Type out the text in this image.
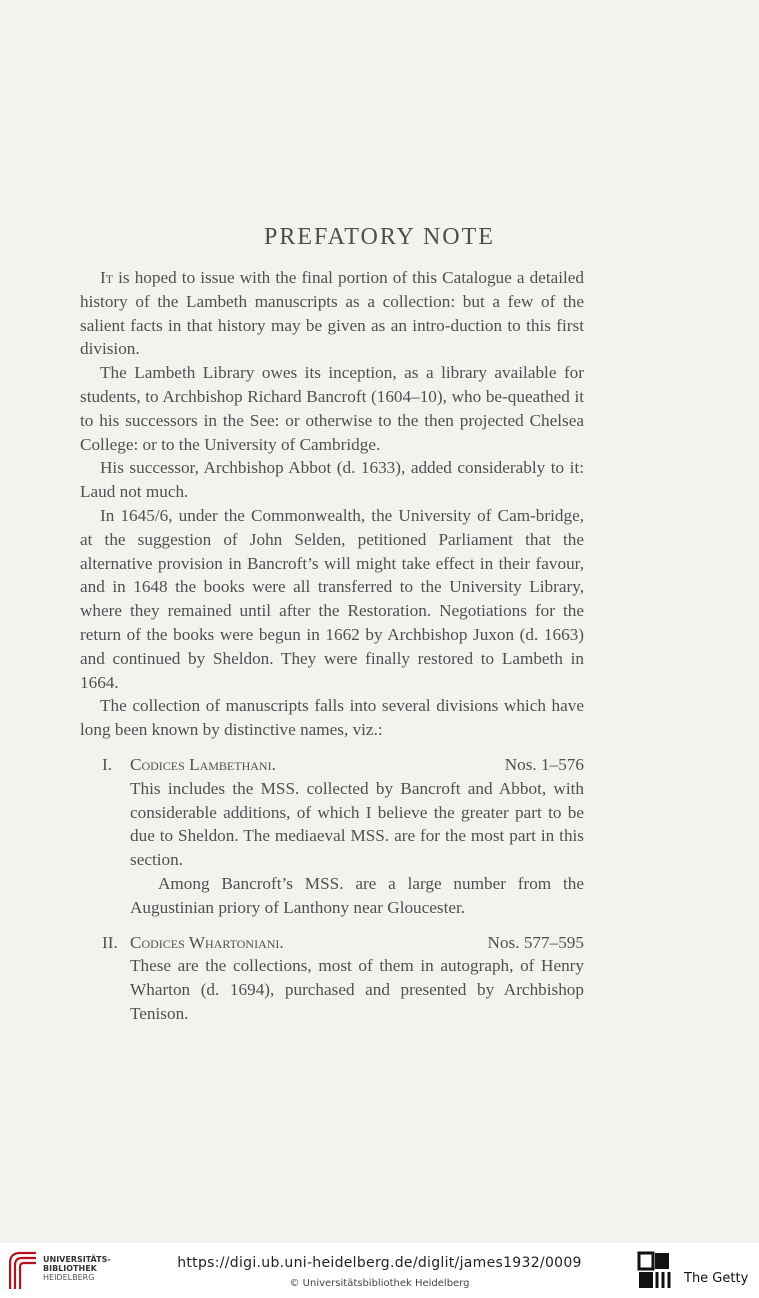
PREFATORY NOTE

It is hoped to issue with the final portion of this Catalogue a detailed history of the Lambeth manuscripts as a collection: but a few of the salient facts in that history may be given as an intro-duction to this first division.

The Lambeth Library owes its inception, as a library available for students, to Archbishop Richard Bancroft (1604–10), who be-queathed it to his successors in the See: or otherwise to the then projected Chelsea College: or to the University of Cambridge.

His successor, Archbishop Abbot (d. 1633), added considerably to it: Laud not much.

In 1645/6, under the Commonwealth, the University of Cam-bridge, at the suggestion of John Selden, petitioned Parliament that the alternative provision in Bancroft’s will might take effect in their favour, and in 1648 the books were all transferred to the University Library, where they remained until after the Restoration. Negotiations for the return of the books were begun in 1662 by Archbishop Juxon (d. 1663) and continued by Sheldon. They were finally restored to Lambeth in 1664.

The collection of manuscripts falls into several divisions which have long been known by distinctive names, viz.:

I. Codices Lambethani.	Nos. 1–576

This includes the MSS. collected by Bancroft and Abbot, with considerable additions, of which I believe the greater part to be due to Sheldon. The mediaeval MSS. are for the most part in this section.

Among Bancroft’s MSS. are a large number from the Augustinian priory of Lanthony near Gloucester.

II. Codices Whartoniani.	Nos. 577–595

These are the collections, most of them in autograph, of Henry Wharton (d. 1694), purchased and presented by Archbishop Tenison.

UNIVERSITÄTS-
BIBLIOTHEK
HEIDELBERG
https://digi.ub.uni-heidelberg.de/diglit/james1932/0009
© Universitätsbibliothek Heidelberg	The Getty
